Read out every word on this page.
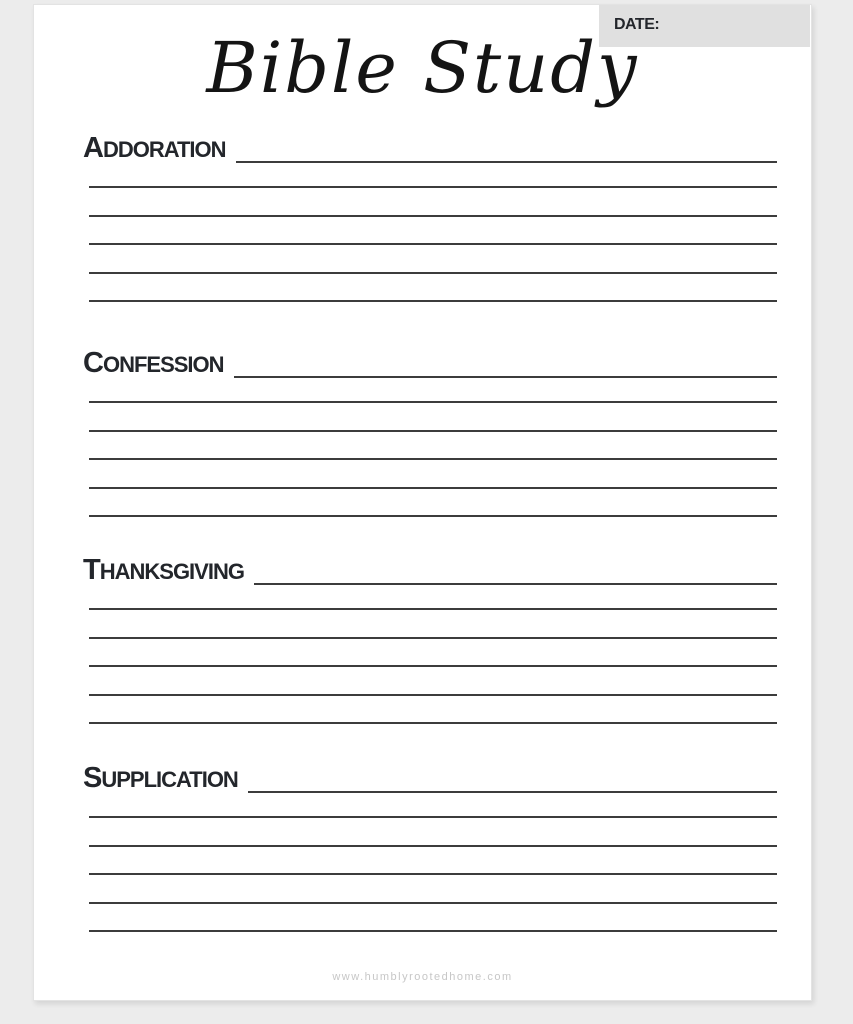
DATE:
Bible Study
ADDORATION
CONFESSION
THANKSGIVING
SUPPLICATION
www.humblyrootedhome.com
